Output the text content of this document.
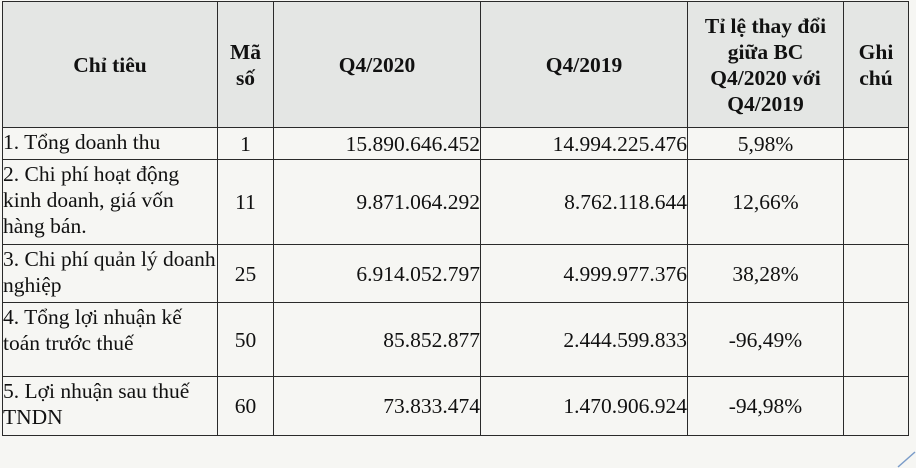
Chỉ tiêu	Mã số	Q4/2020	Q4/2019	Tỉ lệ thay đổi giữa BC Q4/2020 với Q4/2019	Ghi chú

1. Tổng doanh thu	1	15.890.646.452	14.994.225.476	5,98%	

2. Chi phí hoạt động kinh doanh, giá vốn hàng bán.	11	9.871.064.292	8.762.118.644	12,66%	

3. Chi phí quản lý doanh nghiệp	25	6.914.052.797	4.999.977.376	38,28%	

4. Tổng lợi nhuận kế toán trước thuế	50	85.852.877	2.444.599.833	-96,49%	

5. Lợi nhuận sau thuế TNDN	60	73.833.474	1.470.906.924	-94,98%	
